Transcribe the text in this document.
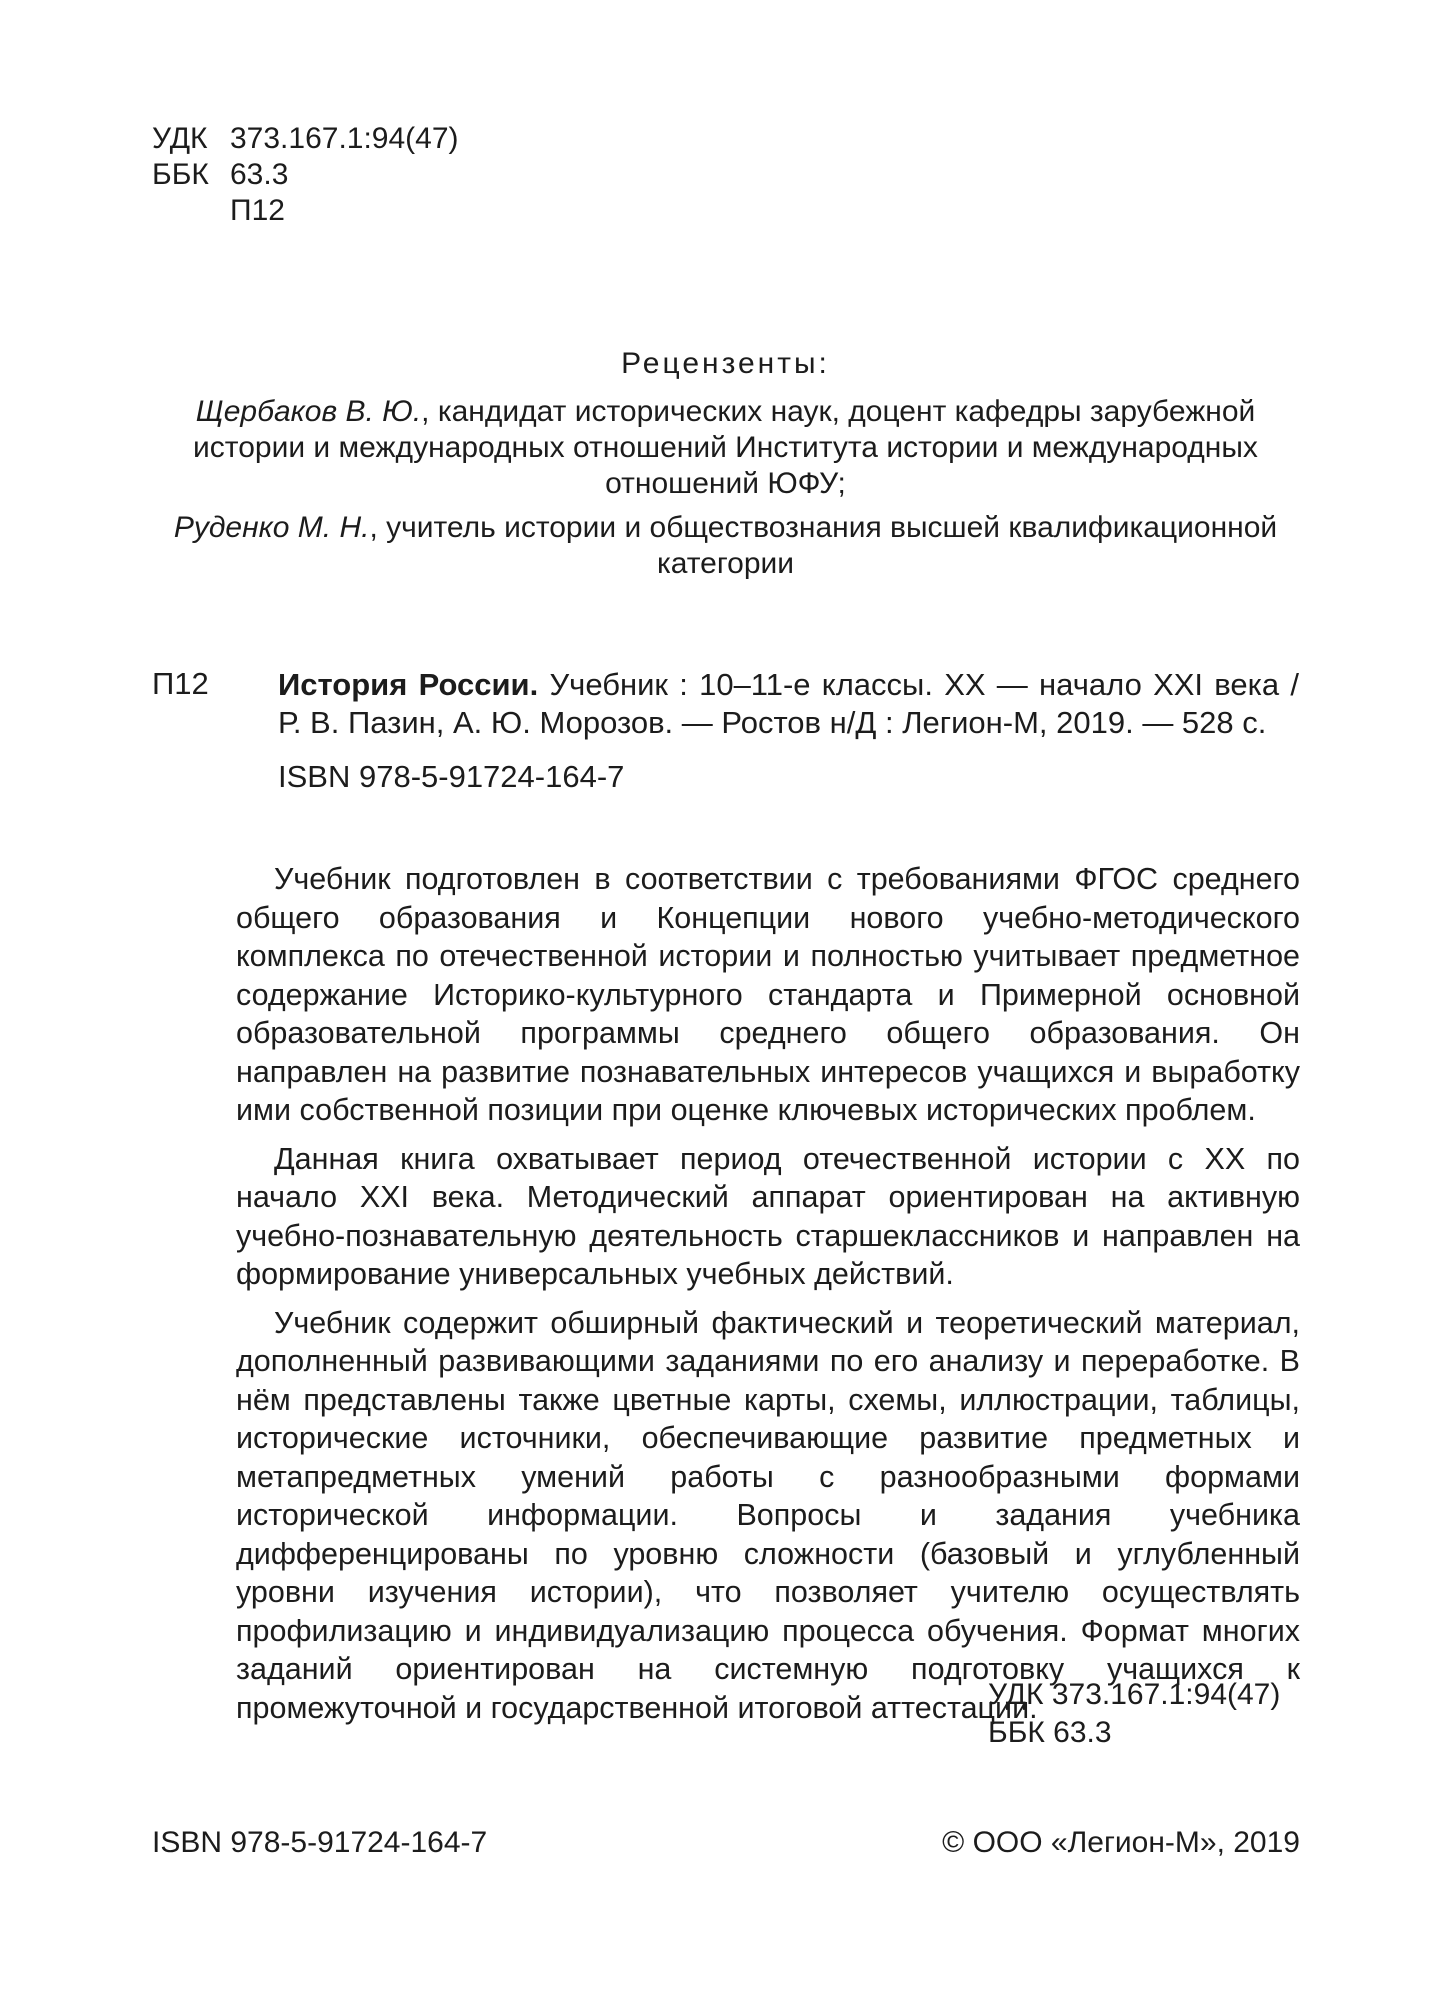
УДК 373.167.1:94(47)
ББК 63.3
П12
Рецензенты:
Щербаков В. Ю., кандидат исторических наук, доцент кафедры зарубежной истории и международных отношений Института истории и международных отношений ЮФУ;
Руденко М. Н., учитель истории и обществознания высшей квалификационной категории
П12 История России. Учебник : 10–11-е классы. XX — начало XXI века / Р. В. Пазин, А. Ю. Морозов. — Ростов н/Д : Легион-М, 2019. — 528 с.
ISBN 978-5-91724-164-7

Учебник подготовлен в соответствии с требованиями ФГОС среднего общего образования и Концепции нового учебно-методического комплекса по отечественной истории и полностью учитывает предметное содержание Историко-культурного стандарта и Примерной основной образовательной программы среднего общего образования. Он направлен на развитие познавательных интересов учащихся и выработку ими собственной позиции при оценке ключевых исторических проблем.

Данная книга охватывает период отечественной истории с XX по начало XXI века. Методический аппарат ориентирован на активную учебно-познавательную деятельность старшеклассников и направлен на формирование универсальных учебных действий.

Учебник содержит обширный фактический и теоретический материал, дополненный развивающими заданиями по его анализу и переработке. В нём представлены также цветные карты, схемы, иллюстрации, таблицы, исторические источники, обеспечивающие развитие предметных и метапредметных умений работы с разнообразными формами исторической информации. Вопросы и задания учебника дифференцированы по уровню сложности (базовый и углубленный уровни изучения истории), что позволяет учителю осуществлять профилизацию и индивидуализацию процесса обучения. Формат многих заданий ориентирован на системную подготовку учащихся к промежуточной и государственной итоговой аттестации.

УДК 373.167.1:94(47)
ББК 63.3
ISBN 978-5-91724-164-7	© ООО «Легион-М», 2019
